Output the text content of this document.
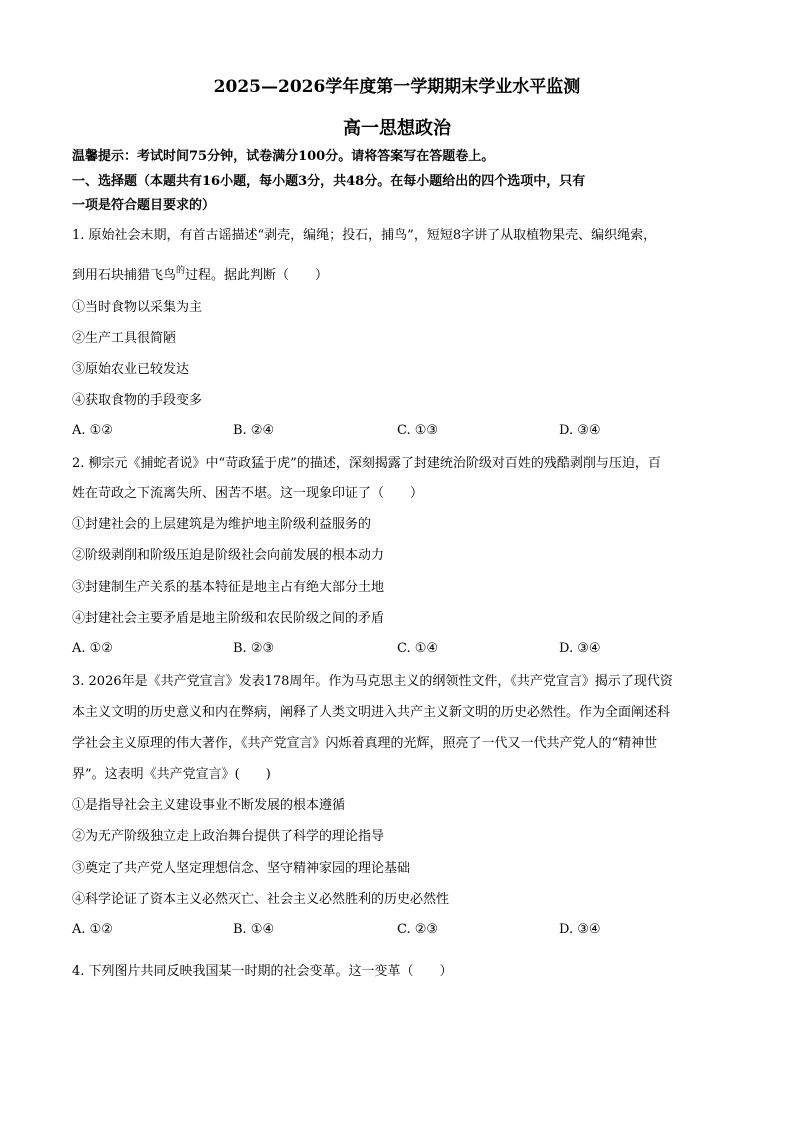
2025—2026学年度第一学期期末学业水平监测
高一思想政治
温馨提示：考试时间75分钟，试卷满分100分。请将答案写在答题卷上。
一、选择题（本题共有16小题，每小题3分，共48分。在每小题给出的四个选项中，只有
一项是符合题目要求的）
1. 原始社会末期，有首古谣描述“剥壳，编绳；投石，捕鸟”，短短8字讲了从取植物果壳、编织绳索，
到用石块捕猎飞鸟$^的$过程。据此判断（　　）
①当时食物以采集为主
②生产工具很简陋
③原始农业已较发达
④获取食物的手段变多
A. ①②	B. ②④	C. ①③	D. ③④
2. 柳宗元《捕蛇者说》中“苛政猛于虎”的描述，深刻揭露了封建统治阶级对百姓的残酷剥削与压迫，百
姓在苛政之下流离失所、困苦不堪。这一现象印证了（　　）
①封建社会的上层建筑是为维护地主阶级利益服务的
②阶级剥削和阶级压迫是阶级社会向前发展的根本动力
③封建制生产关系的基本特征是地主占有绝大部分土地
④封建社会主要矛盾是地主阶级和农民阶级之间的矛盾
A. ①②	B. ②③	C. ①④	D. ③④
3. 2026年是《共产党宣言》发表178周年。作为马克思主义的纲领性文件，《共产党宣言》揭示了现代资
本主义文明的历史意义和内在弊病，阐释了人类文明进入共产主义新文明的历史必然性。作为全面阐述科
学社会主义原理的伟大著作，《共产党宣言》闪烁着真理的光辉，照亮了一代又一代共产党人的“精神世
界”。这表明《共产党宣言》(　　)
①是指导社会主义建设事业不断发展的根本遵循
②为无产阶级独立走上政治舞台提供了科学的理论指导
③奠定了共产党人坚定理想信念、坚守精神家园的理论基础
④科学论证了资本主义必然灭亡、社会主义必然胜利的历史必然性
A. ①②	B. ①④	C. ②③	D. ③④
4. 下列图片共同反映我国某一时期的社会变革。这一变革（　　）
